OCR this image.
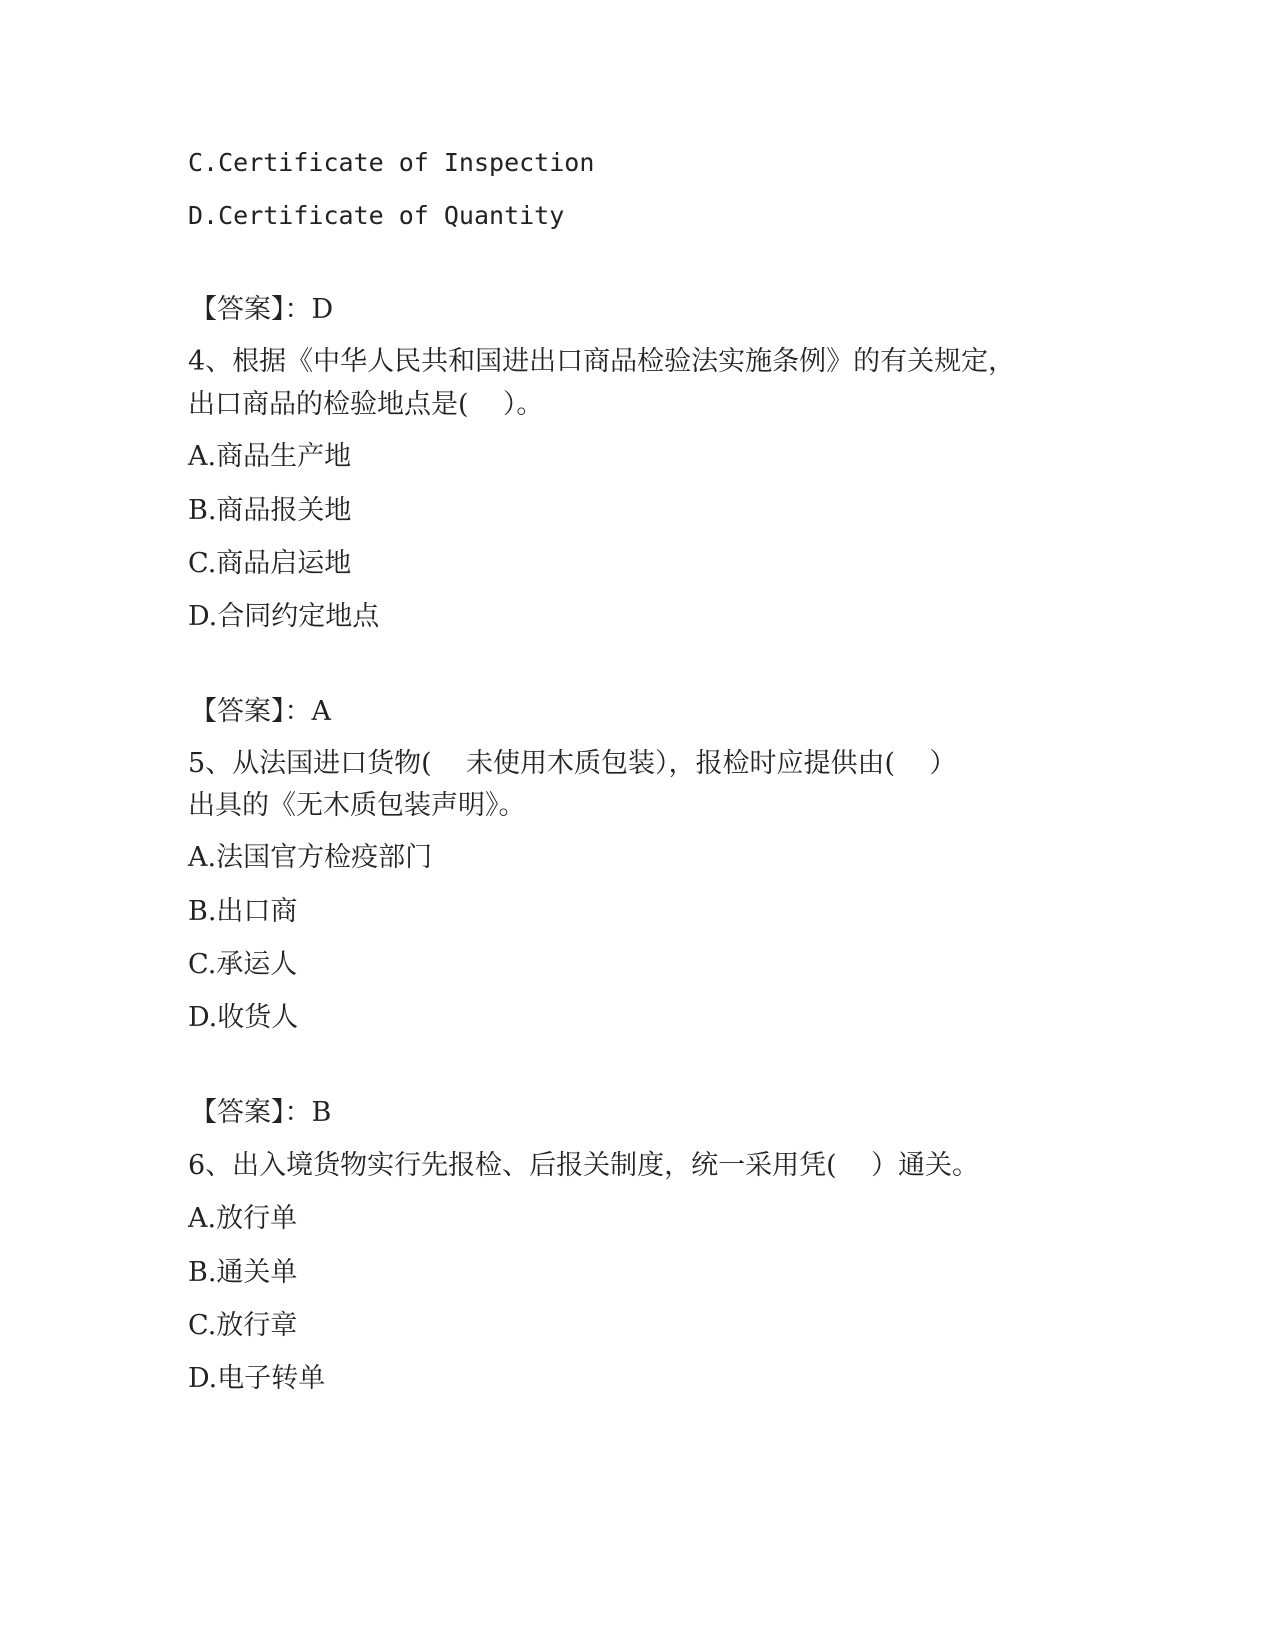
C.Certificate of Inspection
D.Certificate of Quantity
【答案】：D
4、根据《中华人民共和国进出口商品检验法实施条例》的有关规定，
出口商品的检验地点是(    ）。
A.商品生产地
B.商品报关地
C.商品启运地
D.合同约定地点
【答案】：A
5、从法国进口货物(    未使用木质包装），报检时应提供由(    ）
出具的《无木质包装声明》。
A.法国官方检疫部门
B.出口商
C.承运人
D.收货人
【答案】：B
6、出入境货物实行先报检、后报关制度，统一采用凭(    ）通关。
A.放行单
B.通关单
C.放行章
D.电子转单
